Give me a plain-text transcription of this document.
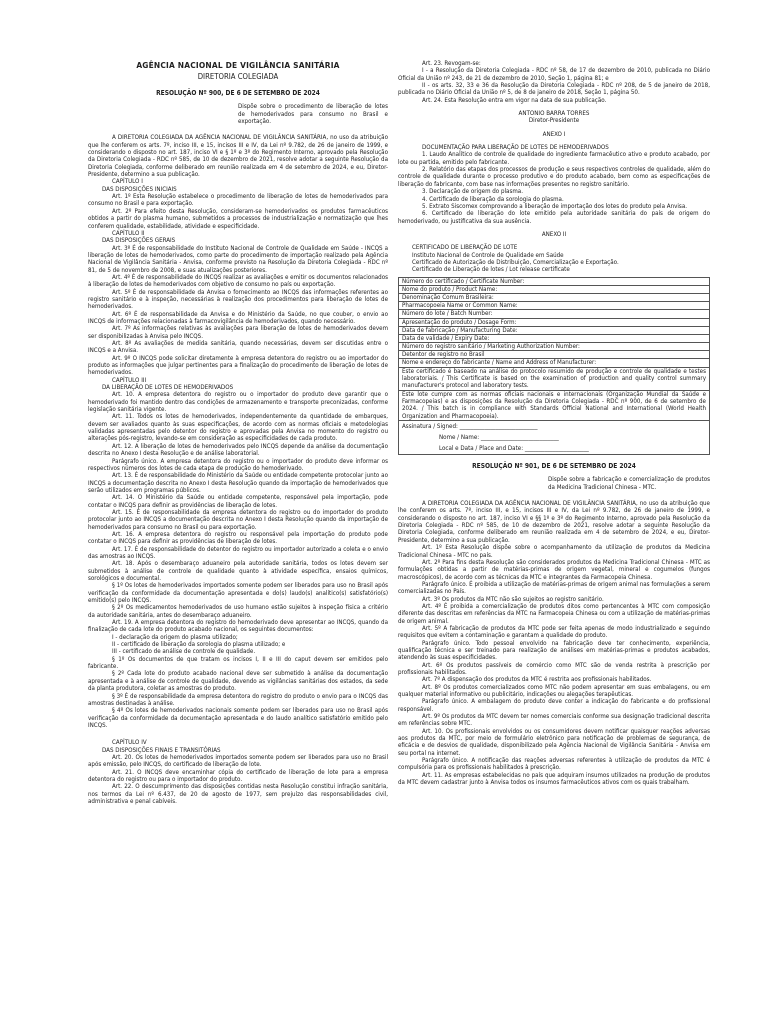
AGÊNCIA NACIONAL DE VIGILÂNCIA SANITÁRIA

DIRETORIA COLEGIADA

RESOLUÇÃO Nº 900, DE 6 DE SETEMBRO DE 2024

Dispõe sobre o procedimento de liberação de lotes de hemoderivados para consumo no Brasil e exportação.

A DIRETORIA COLEGIADA DA AGÊNCIA NACIONAL DE VIGILÂNCIA SANITÁRIA, no uso da atribuição que lhe conferem os arts. 7º, inciso III, e 15, incisos III e IV, da Lei nº 9.782, de 26 de janeiro de 1999, e considerando o disposto no art. 187, inciso VI e § 1º e 3º do Regimento Interno, aprovado pela Resolução da Diretoria Colegiada - RDC nº 585, de 10 de dezembro de 2021, resolve adotar a seguinte Resolução da Diretoria Colegiada, conforme deliberado em reunião realizada em 4 de setembro de 2024, e eu, Diretor-Presidente, determino a sua publicação.

CAPÍTULO I

DAS DISPOSIÇÕES INICIAIS

Art. 1º Esta Resolução estabelece o procedimento de liberação de lotes de hemoderivados para consumo no Brasil e para exportação.

Art. 2º Para efeito desta Resolução, consideram-se hemoderivados os produtos farmacêuticos obtidos a partir do plasma humano, submetidos a processos de industrialização e normatização que lhes conferem qualidade, estabilidade, atividade e especificidade.

CAPÍTULO II

DAS DISPOSIÇÕES GERAIS

Art. 3º É de responsabilidade do Instituto Nacional de Controle de Qualidade em Saúde - INCQS a liberação de lotes de hemoderivados, como parte do procedimento de importação realizado pela Agência Nacional de Vigilância Sanitária - Anvisa, conforme previsto na Resolução da Diretoria Colegiada - RDC nº 81, de 5 de novembro de 2008, e suas atualizações posteriores.

Art. 4º É de responsabilidade do INCQS realizar as avaliações e emitir os documentos relacionados à liberação de lotes de hemoderivados com objetivo de consumo no país ou exportação.

Art. 5º É de responsabilidade da Anvisa o fornecimento ao INCQS das informações referentes ao registro sanitário e à inspeção, necessárias à realização dos procedimentos para liberação de lotes de hemoderivados.

Art. 6º É de responsabilidade da Anvisa e do Ministério da Saúde, no que couber, o envio ao INCQS de informações relacionadas à farmacovigilância de hemoderivados, quando necessário.

Art. 7º As informações relativas às avaliações para liberação de lotes de hemoderivados devem ser disponibilizadas à Anvisa pelo INCQS.

Art. 8º As avaliações de medida sanitária, quando necessárias, devem ser discutidas entre o INCQS e a Anvisa.

Art. 9º O INCQS pode solicitar diretamente à empresa detentora do registro ou ao importador do produto as informações que julgar pertinentes para a finalização do procedimento de liberação de lotes de hemoderivados.

CAPÍTULO III

DA LIBERAÇÃO DE LOTES DE HEMODERIVADOS

Art. 10. A empresa detentora do registro ou o importador do produto deve garantir que o hemoderivado foi mantido dentro das condições de armazenamento e transporte preconizadas, conforme legislação sanitária vigente.

Art. 11. Todos os lotes de hemoderivados, independentemente da quantidade de embarques, devem ser avaliados quanto às suas especificações, de acordo com as normas oficiais e metodologias validadas apresentadas pelo detentor do registro e aprovadas pela Anvisa no momento do registro ou alterações pós-registro, levando-se em consideração as especificidades de cada produto.

Art. 12. A liberação de lotes de hemoderivados pelo INCQS depende da análise da documentação descrita no Anexo I desta Resolução e de análise laboratorial.

Parágrafo único. A empresa detentora do registro ou o importador do produto deve informar os respectivos números dos lotes de cada etapa de produção do hemoderivado.

Art. 13. É de responsabilidade do Ministério da Saúde ou entidade competente protocolar junto ao INCQS a documentação descrita no Anexo I desta Resolução quando da importação de hemoderivados que serão utilizados em programas públicos.

Art. 14. O Ministério da Saúde ou entidade competente, responsável pela importação, pode contatar o INCQS para definir as providências de liberação de lotes.

Art. 15. É de responsabilidade da empresa detentora do registro ou do importador do produto protocolar junto ao INCQS a documentação descrita no Anexo I desta Resolução quando da importação de hemoderivados para consumo no Brasil ou para exportação.

Art. 16. A empresa detentora do registro ou responsável pela importação do produto pode contatar o INCQS para definir as providências de liberação de lotes.

Art. 17. É de responsabilidade do detentor do registro ou importador autorizado a coleta e o envio das amostras ao INCQS.

Art. 18. Após o desembaraço aduaneiro pela autoridade sanitária, todos os lotes devem ser submetidos à análise de controle de qualidade quanto à atividade específica, ensaios químicos, sorológicos e documental.

§ 1º Os lotes de hemoderivados importados somente podem ser liberados para uso no Brasil após verificação da conformidade da documentação apresentada e do(s) laudo(s) analítico(s) satisfatório(s) emitido(s) pelo INCQS.

§ 2º Os medicamentos hemoderivados de uso humano estão sujeitos à inspeção física a critério da autoridade sanitária, antes do desembaraço aduaneiro.

Art. 19. A empresa detentora do registro do hemoderivado deve apresentar ao INCQS, quando da finalização de cada lote do produto acabado nacional, os seguintes documentos:

I - declaração da origem do plasma utilizado;

II - certificado de liberação da sorologia do plasma utilizado; e

III - certificado de análise de controle de qualidade.

§ 1º Os documentos de que tratam os incisos I, II e III do caput devem ser emitidos pelo fabricante.

§ 2º Cada lote do produto acabado nacional deve ser submetido à análise da documentação apresentada e à análise de controle de qualidade, devendo as vigilâncias sanitárias dos estados, da sede da planta produtora, coletar as amostras do produto.

§ 3º É de responsabilidade da empresa detentora do registro do produto o envio para o INCQS das amostras destinadas à análise.

§ 4º Os lotes de hemoderivados nacionais somente podem ser liberados para uso no Brasil após verificação da conformidade da documentação apresentada e do laudo analítico satisfatório emitido pelo INCQS.

CAPÍTULO IV

DAS DISPOSIÇÕES FINAIS E TRANSITÓRIAS

Art. 20. Os lotes de hemoderivados importados somente podem ser liberados para uso no Brasil após emissão, pelo INCQS, do certificado de liberação de lote.

Art. 21. O INCQS deve encaminhar cópia do certificado de liberação de lote para a empresa detentora do registro ou para o importador do produto.

Art. 22. O descumprimento das disposições contidas nesta Resolução constitui infração sanitária, nos termos da Lei nº 6.437, de 20 de agosto de 1977, sem prejuízo das responsabilidades civil, administrativa e penal cabíveis.

Art. 23. Revogam-se:

I - a Resolução da Diretoria Colegiada - RDC nº 58, de 17 de dezembro de 2010, publicada no Diário Oficial da União nº 243, de 21 de dezembro de 2010, Seção 1, página 81; e

II - os arts. 32, 33 e 36 da Resolução da Diretoria Colegiada - RDC nº 208, de 5 de janeiro de 2018, publicada no Diário Oficial da União nº 5, de 8 de janeiro de 2018, Seção 1, página 50.

Art. 24. Esta Resolução entra em vigor na data de sua publicação.

ANTONIO BARRA TORRES

Diretor-Presidente

ANEXO I

DOCUMENTAÇÃO PARA LIBERAÇÃO DE LOTES DE HEMODERIVADOS

1. Laudo Analítico de controle de qualidade do ingrediente farmacêutico ativo e produto acabado, por lote ou partida, emitido pelo fabricante.

2. Relatório das etapas dos processos de produção e seus respectivos controles de qualidade, além do controle de qualidade durante o processo produtivo e do produto acabado, bem como as especificações de liberação do fabricante, com base nas informações presentes no registro sanitário.

3. Declaração de origem do plasma.

4. Certificado de liberação da sorologia do plasma.

5. Extrato Siscomex comprovando a liberação de importação dos lotes do produto pela Anvisa.

6. Certificado de liberação do lote emitido pela autoridade sanitária do país de origem do hemoderivado, ou justificativa da sua ausência.

ANEXO II

CERTIFICADO DE LIBERAÇÃO DE LOTE

Instituto Nacional de Controle de Qualidade em Saúde

Certificado de Autorização de Distribuição, Comercialização e Exportação.

Certificado de Liberação de lotes / Lot release certificate

Número do certificado / Certificate Number:
Nome do produto / Product Name:
Denominação Comum Brasileira:
Pharmacopoeia Name or Common Name:
Número do lote / Batch Number:
Apresentação do produto / Dosage Form:
Data de fabricação / Manufacturing Date:
Data de validade / Expiry Date:
Número do registro sanitário / Marketing Authorization Number:
Detentor de registro no Brasil
Nome e endereço do fabricante / Name and Address of Manufacturer:
Este certificado é baseado na análise do protocolo resumido de produção e controle de qualidade e testes laboratoriais. / This Certificate is based on the examination of production and quality control summary manufacturer's protocol and laboratory tests.
Este lote cumpre com as normas oficiais nacionais e internacionais (Organização Mundial da Saúde e Farmacopeias) e as disposições da Resolução da Diretoria Colegiada - RDC nº 900, de 6 de setembro de 2024. / This batch is in compliance with Standards Official National and International (World Health Organization and Pharmacopoeia).
Assinatura / Signed: ____________________________
Nome / Name: ____________________________
Local e Data / Place and Date: _______________________

RESOLUÇÃO Nº 901, DE 6 DE SETEMBRO DE 2024

Dispõe sobre a fabricação e comercialização de produtos da Medicina Tradicional Chinesa - MTC.

A DIRETORIA COLEGIADA DA AGÊNCIA NACIONAL DE VIGILÂNCIA SANITÁRIA, no uso da atribuição que lhe conferem os arts. 7º, inciso III, e 15, incisos III e IV, da Lei nº 9.782, de 26 de janeiro de 1999, e considerando o disposto no art. 187, inciso VI e §§ 1º e 3º do Regimento Interno, aprovado pela Resolução da Diretoria Colegiada - RDC nº 585, de 10 de dezembro de 2021, resolve adotar a seguinte Resolução da Diretoria Colegiada, conforme deliberado em reunião realizada em 4 de setembro de 2024, e eu, Diretor-Presidente, determino a sua publicação.

Art. 1º Esta Resolução dispõe sobre o acompanhamento da utilização de produtos da Medicina Tradicional Chinesa - MTC no país.

Art. 2º Para fins desta Resolução são considerados produtos da Medicina Tradicional Chinesa - MTC as formulações obtidas a partir de matérias-primas de origem vegetal, mineral e cogumelos (fungos macroscópicos), de acordo com as técnicas da MTC e integrantes da Farmacopeia Chinesa.

Parágrafo único. É proibida a utilização de matérias-primas de origem animal nas formulações a serem comercializadas no País.

Art. 3º Os produtos da MTC não são sujeitos ao registro sanitário.

Art. 4º É proibida a comercialização de produtos ditos como pertencentes à MTC com composição diferente das descritas em referências da MTC na Farmacopeia Chinesa ou com a utilização de matérias-primas de origem animal.

Art. 5º A fabricação de produtos da MTC pode ser feita apenas de modo industrializado e seguindo requisitos que evitem a contaminação e garantam a qualidade do produto.

Parágrafo único. Todo pessoal envolvido na fabricação deve ter conhecimento, experiência, qualificação técnica e ser treinado para realização de análises em matérias-primas e produtos acabados, atendendo às suas especificidades.

Art. 6º Os produtos passíveis de comércio como MTC são de venda restrita à prescrição por profissionais habilitados.

Art. 7º A dispensação dos produtos da MTC é restrita aos profissionais habilitados.

Art. 8º Os produtos comercializados como MTC não podem apresentar em suas embalagens, ou em qualquer material informativo ou publicitário, indicações ou alegações terapêuticas.

Parágrafo único. A embalagem do produto deve conter a indicação do fabricante e do profissional responsável.

Art. 9º Os produtos da MTC devem ter nomes comerciais conforme sua designação tradicional descrita em referências sobre MTC.

Art. 10. Os profissionais envolvidos ou os consumidores devem notificar quaisquer reações adversas aos produtos da MTC, por meio de formulário eletrônico para notificação de problemas de segurança, de eficácia e de desvios de qualidade, disponibilizado pela Agência Nacional de Vigilância Sanitária - Anvisa em seu portal na internet.

Parágrafo único. A notificação das reações adversas referentes à utilização de produtos da MTC é compulsória para os profissionais habilitados à prescrição.

Art. 11. As empresas estabelecidas no país que adquiram insumos utilizados na produção de produtos da MTC devem cadastrar junto à Anvisa todos os insumos farmacêuticos ativos com os quais trabalham.
